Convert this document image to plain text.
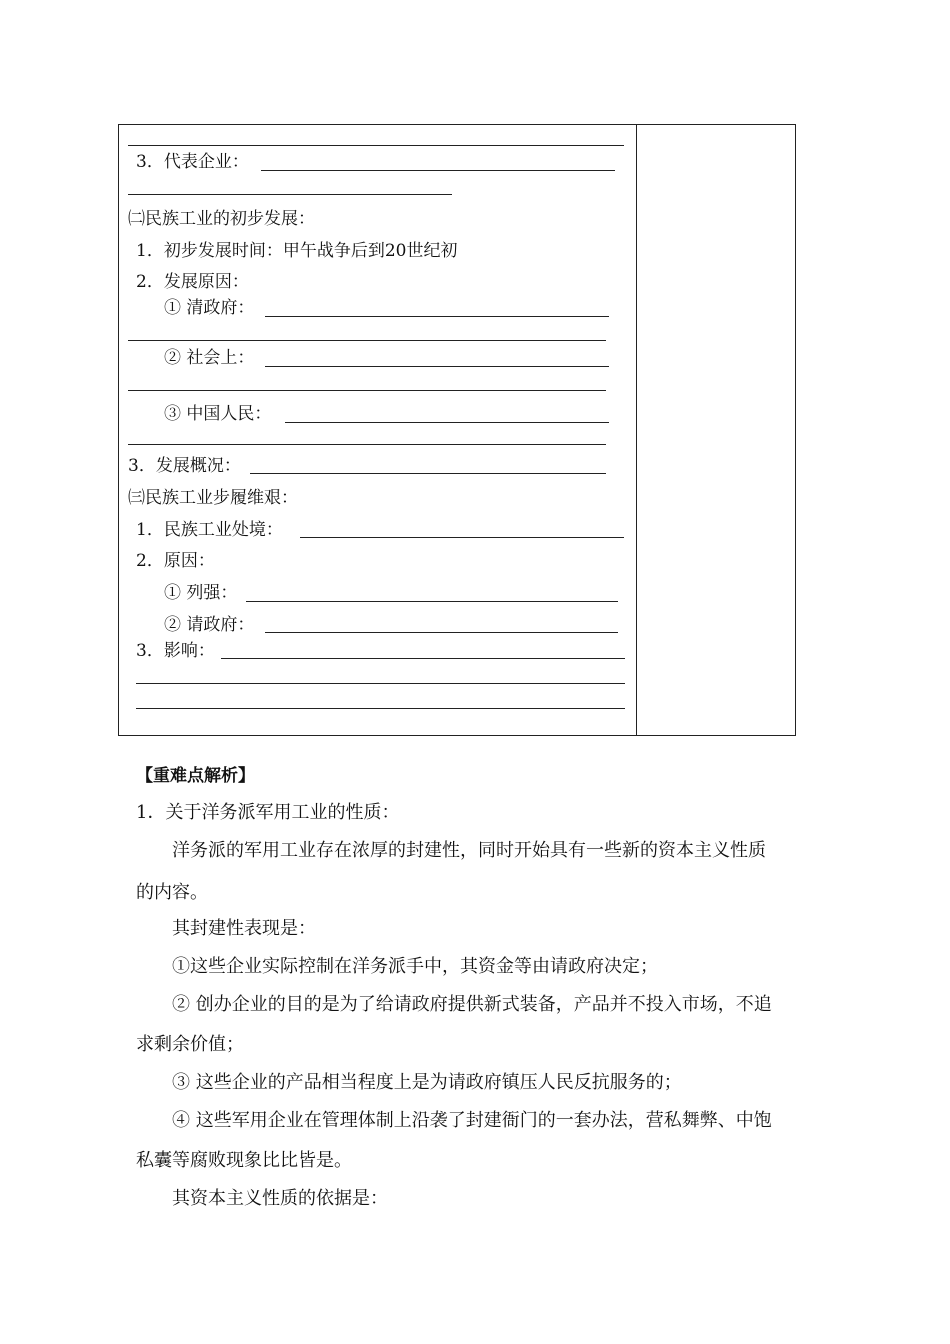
3．代表企业：
㈡民族工业的初步发展：
1．初步发展时间：甲午战争后到20世纪初
2．发展原因：
① 清政府：
② 社会上：
③ 中国人民：
3．发展概况：
㈢民族工业步履维艰：
1．民族工业处境：
2．原因：
① 列强：
② 请政府：
3．影响：
【重难点解析】
1．关于洋务派军用工业的性质：
洋务派的军用工业存在浓厚的封建性，同时开始具有一些新的资本主义性质
的内容。
其封建性表现是：
①这些企业实际控制在洋务派手中，其资金等由请政府决定；
② 创办企业的目的是为了给请政府提供新式装备，产品并不投入市场，不追
求剩余价值；
③ 这些企业的产品相当程度上是为请政府镇压人民反抗服务的；
④ 这些军用企业在管理体制上沿袭了封建衙门的一套办法，营私舞弊、中饱
私囊等腐败现象比比皆是。
其资本主义性质的依据是：
